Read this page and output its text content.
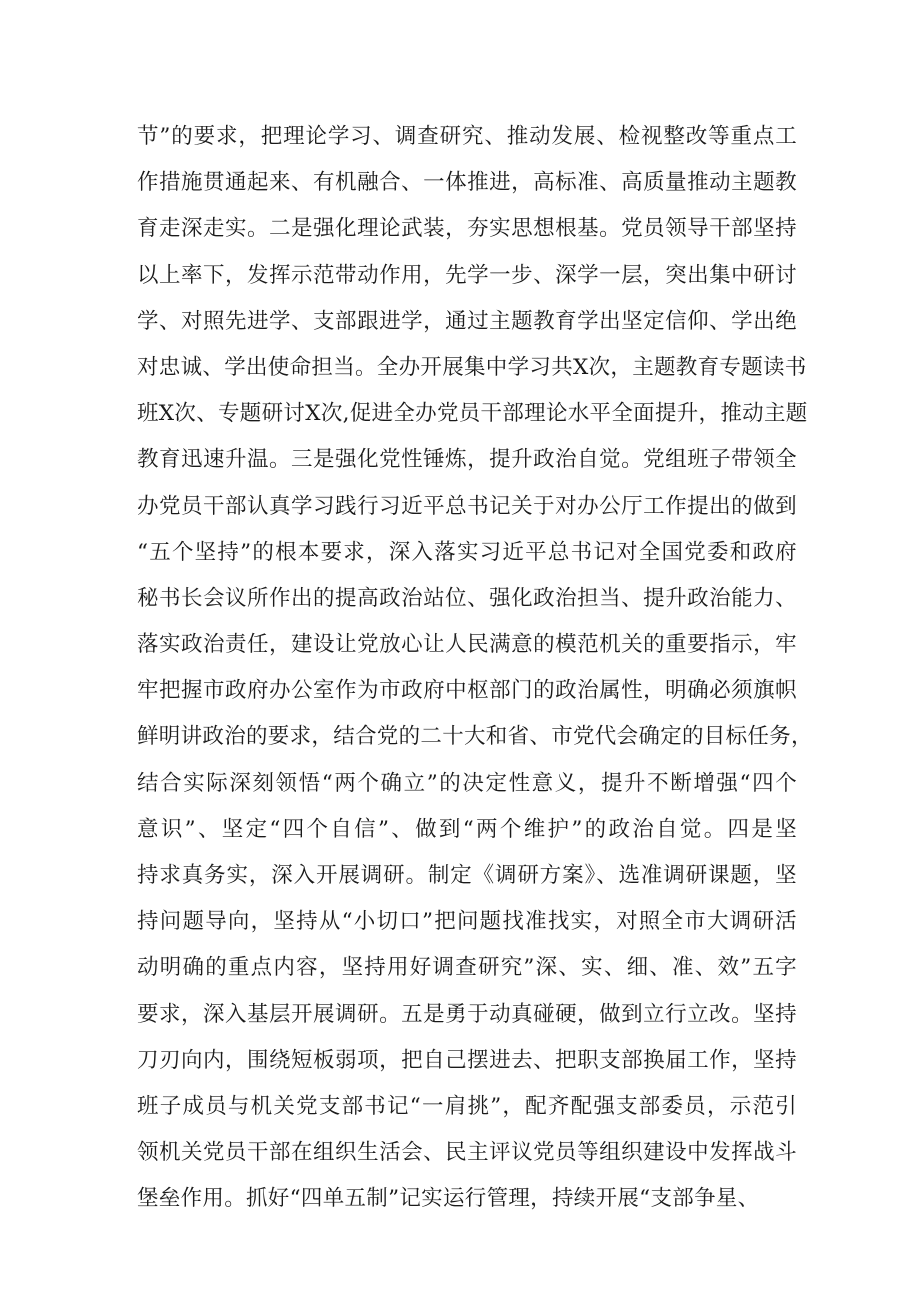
节”的要求，把理论学习、调查研究、推动发展、检视整改等重点工
作措施贯通起来、有机融合、一体推进，高标准、高质量推动主题教
育走深走实。二是强化理论武装，夯实思想根基。党员领导干部坚持
以上率下，发挥示范带动作用，先学一步、深学一层，突出集中研讨
学、对照先进学、支部跟进学，通过主题教育学出坚定信仰、学出绝
对忠诚、学出使命担当。全办开展集中学习共X次，主题教育专题读书
班X次、专题研讨X次,促进全办党员干部理论水平全面提升，推动主题
教育迅速升温。三是强化党性锤炼，提升政治自觉。党组班子带领全
办党员干部认真学习践行习近平总书记关于对办公厅工作提出的做到
“五个坚持”的根本要求，深入落实习近平总书记对全国党委和政府
秘书长会议所作出的提高政治站位、强化政治担当、提升政治能力、
落实政治责任，建设让党放心让人民满意的模范机关的重要指示，牢
牢把握市政府办公室作为市政府中枢部门的政治属性，明确必须旗帜
鲜明讲政治的要求，结合党的二十大和省、市党代会确定的目标任务，
结合实际深刻领悟“两个确立”的决定性意义，提升不断增强“四个
意识”、坚定“四个自信”、做到“两个维护”的政治自觉。四是坚
持求真务实，深入开展调研。制定《调研方案》、选准调研课题，坚
持问题导向，坚持从“小切口”把问题找准找实，对照全市大调研活
动明确的重点内容，坚持用好调查研究”深、实、细、准、效”五字
要求，深入基层开展调研。五是勇于动真碰硬，做到立行立改。坚持
刀刃向内，围绕短板弱项，把自己摆进去、把职支部换届工作，坚持
班子成员与机关党支部书记“一肩挑”，配齐配强支部委员，示范引
领机关党员干部在组织生活会、民主评议党员等组织建设中发挥战斗
堡垒作用。抓好“四单五制”记实运行管理，持续开展“支部争星、
